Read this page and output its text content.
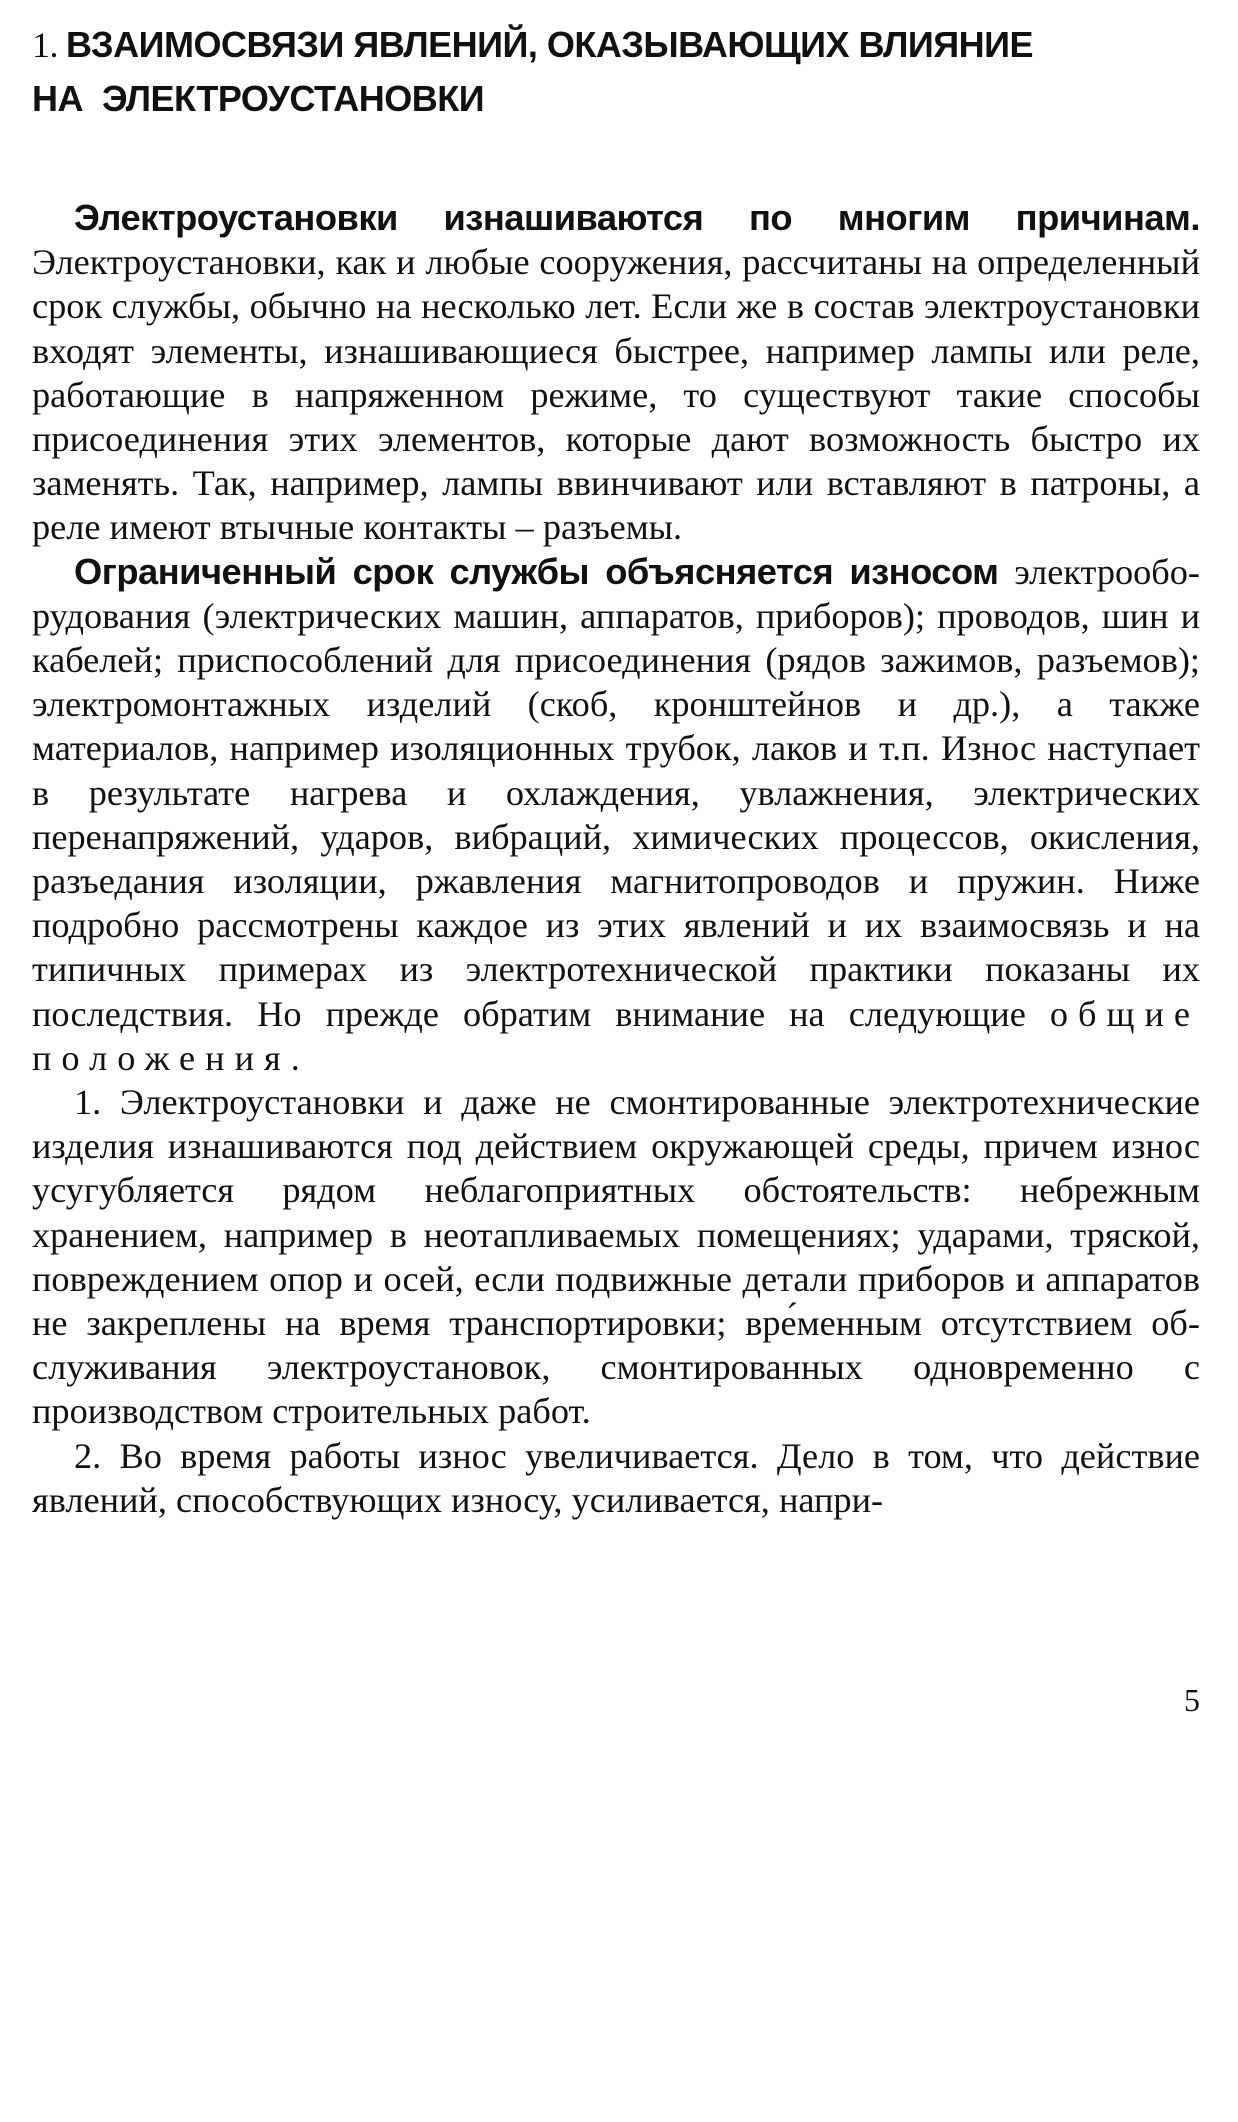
1. ВЗАИМОСВЯЗИ ЯВЛЕНИЙ, ОКАЗЫВАЮЩИХ ВЛИЯНИЕ
НА  ЭЛЕКТРОУСТАНОВКИ

Электроустановки изнашиваются по многим причинам. Электроустановки, как и любые сооружения, рассчитаны на определенный срок службы, обычно на несколько лет. Если же в состав электроустановки входят элементы, изнашивающиеся быстрее, например лампы или реле, работающие в напряженном режиме, то существуют такие способы присоединения этих элементов, которые дают возможность быстро их заменять. Так, например, лампы ввинчивают или вставляют в патроны, а реле имеют втычные контакты – разъемы.

Ограниченный срок службы объясняется износом электрооборудования (электрических машин, аппаратов, приборов); проводов, шин и кабелей; приспособлений для присоединения (рядов зажимов, разъемов); электромонтажных изделий (скоб, кронштейнов и др.), а также материалов, например изоляционных трубок, лаков и т.п. Износ наступает в результате нагрева и охлаждения, увлажнения, электрических перенапряжений, ударов, вибраций, химических процессов, окисления, разъедания изоляции, ржавления магнитопроводов и пружин. Ниже подробно рассмотрены каждое из этих явлений и их взаимосвязь и на типичных примерах из электротехнической практики показаны их последствия. Но прежде обратим внимание на следующие общие положения.

1. Электроустановки и даже не смонтированные электротехнические изделия изнашиваются под действием окружающей среды, причем износ усугубляется рядом неблагоприятных обстоятельств: небрежным хранением, например в неотапливаемых помещениях; ударами, тряской, повреждением опор и осей, если подвижные детали приборов и аппаратов не закреплены на время транспортировки; вре́менным отсутствием обслуживания электроустановок, смонтированных одновременно с производством строительных работ.

2. Во время работы износ увеличивается. Дело в том, что действие явлений, способствующих износу, усиливается, напри-

5
